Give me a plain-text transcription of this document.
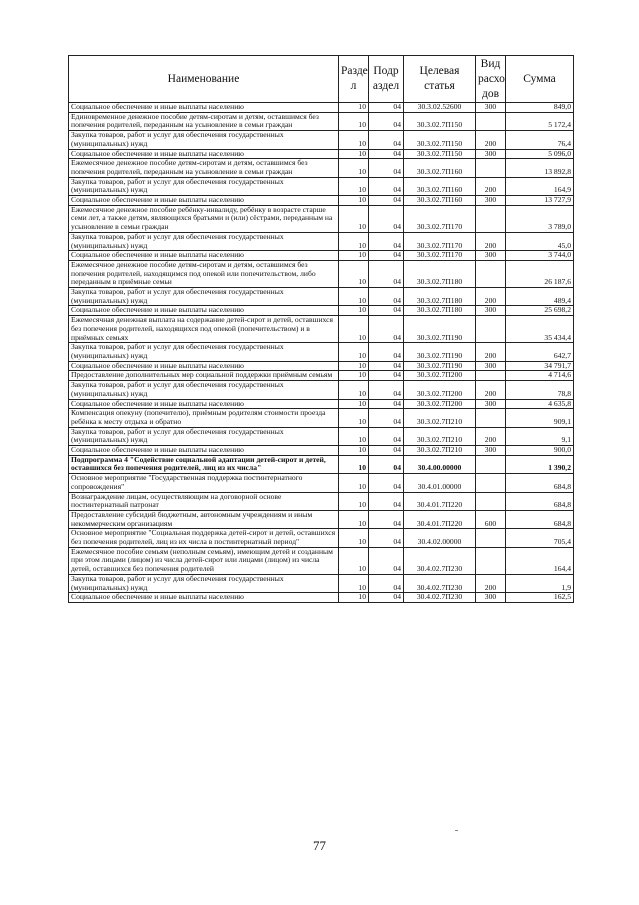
Наименование	Разде л	Подр аздел	Целевая статья	Вид расхо дов	Сумма
Социальное обеспечение и иные выплаты населению	10	04	30.3.02.52600	300	849,0
Единовременное денежное пособие детям-сиротам и детям, оставшимся без попечения родителей, переданным на усыновление в семьи граждан	10	04	30.3.02.7П150		5 172,4
Закупка товаров, работ и услуг для обеспечения государственных (муниципальных) нужд	10	04	30.3.02.7П150	200	76,4
Социальное обеспечение и иные выплаты населению	10	04	30.3.02.7П150	300	5 096,0
Ежемесячное денежное пособие детям-сиротам и детям, оставшимся без попечения родителей, переданным на усыновление в семьи граждан	10	04	30.3.02.7П160		13 892,8
Закупка товаров, работ и услуг для обеспечения государственных (муниципальных) нужд	10	04	30.3.02.7П160	200	164,9
Социальное обеспечение и иные выплаты населению	10	04	30.3.02.7П160	300	13 727,9
Ежемесячное денежное пособие ребёнку-инвалиду, ребёнку в возрасте старше семи лет, а также детям, являющихся братьями и (или) сёстрами, переданным на усыновление в семьи граждан	10	04	30.3.02.7П170		3 789,0
Закупка товаров, работ и услуг для обеспечения государственных (муниципальных) нужд	10	04	30.3.02.7П170	200	45,0
Социальное обеспечение и иные выплаты населению	10	04	30.3.02.7П170	300	3 744,0
Ежемесячное денежное пособие детям-сиротам и детям, оставшимся без попечения родителей, находящимся под опекой или попечительством, либо переданным в приёмные семьи	10	04	30.3.02.7П180		26 187,6
Закупка товаров, работ и услуг для обеспечения государственных (муниципальных) нужд	10	04	30.3.02.7П180	200	489,4
Социальное обеспечение и иные выплаты населению	10	04	30.3.02.7П180	300	25 698,2
Ежемесячная денежная выплата на содержание детей-сирот и детей, оставшихся без попечения родителей, находящихся под опекой (попечительством) и в приёмных семьях	10	04	30.3.02.7П190		35 434,4
Закупка товаров, работ и услуг для обеспечения государственных (муниципальных) нужд	10	04	30.3.02.7П190	200	642,7
Социальное обеспечение и иные выплаты населению	10	04	30.3.02.7П190	300	34 791,7
Предоставление дополнительных мер социальной поддержки приёмным семьям	10	04	30.3.02.7П200		4 714,6
Закупка товаров, работ и услуг для обеспечения государственных (муниципальных) нужд	10	04	30.3.02.7П200	200	78,8
Социальное обеспечение и иные выплаты населению	10	04	30.3.02.7П200	300	4 635,8
Компенсация опекуну (попечителю), приёмным родителям стоимости проезда ребёнка к месту отдыха и обратно	10	04	30.3.02.7П210		909,1
Закупка товаров, работ и услуг для обеспечения государственных (муниципальных) нужд	10	04	30.3.02.7П210	200	9,1
Социальное обеспечение и иные выплаты населению	10	04	30.3.02.7П210	300	900,0
Подпрограмма 4 "Содействие социальной адаптации детей-сирот и детей, оставшихся без попечения родителей, лиц из их числа"	10	04	30.4.00.00000		1 390,2
Основное мероприятие "Государственная поддержка постинтернатного сопровождения"	10	04	30.4.01.00000		684,8
Вознаграждение лицам, осуществляющим на договорной основе постинтернатный патронат	10	04	30.4.01.7П220		684,8
Предоставление субсидий бюджетным, автономным учреждениям и иным некоммерческим организациям	10	04	30.4.01.7П220	600	684,8
Основное мероприятие "Социальная поддержка детей-сирот и детей, оставшихся без попечения родителей, лиц из их числа в постинтернатный период"	10	04	30.4.02.00000		705,4
Ежемесячное пособие семьям (неполным семьям), имеющим детей и созданным при этом лицами (лицом) из числа детей-сирот или лицами (лицом) из числа детей, оставшихся без попечения родителей	10	04	30.4.02.7П230		164,4
Закупка товаров, работ и услуг для обеспечения государственных (муниципальных) нужд	10	04	30.4.02.7П230	200	1,9
Социальное обеспечение и иные выплаты населению	10	04	30.4.02.7П230	300	162,5
77
